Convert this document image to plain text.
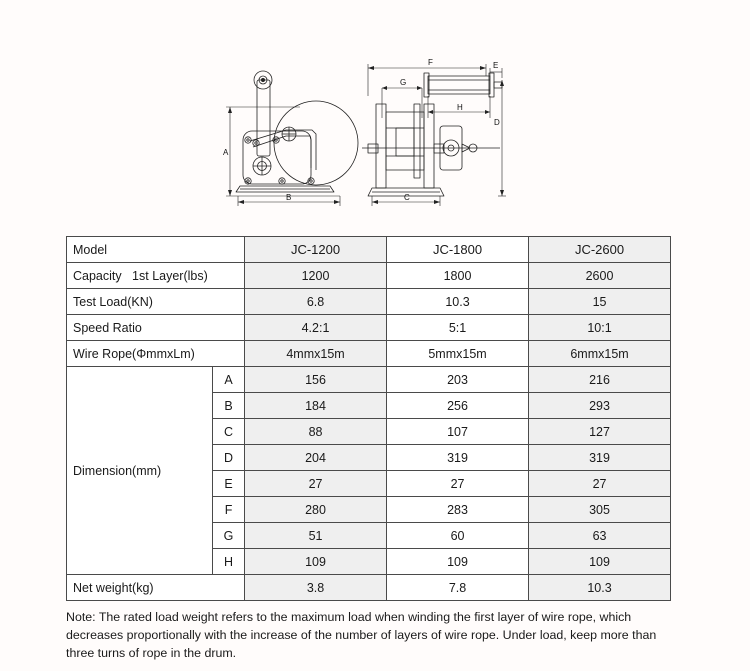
A
B
F
G
H
C
D
E
Model		JC-1200	JC-1800	JC-2600
Capacity   1st Layer(lbs)		1200	1800	2600
Test Load(KN)		6.8	10.3	15
Speed Ratio		4.2:1	5:1	10:1
Wire Rope(ΦmmxLm)		4mmx15m	5mmx15m	6mmx15m
Dimension(mm)	A	156	203	216
	B	184	256	293
	C	88	107	127
	D	204	319	319
	E	27	27	27
	F	280	283	305
	G	51	60	63
	H	109	109	109
Net weight(kg)		3.8	7.8	10.3
Note: The rated load weight refers to the maximum load when winding the first layer of wire rope, which decreases proportionally with the increase of the number of layers of wire rope. Under load, keep more than three turns of rope in the drum.
